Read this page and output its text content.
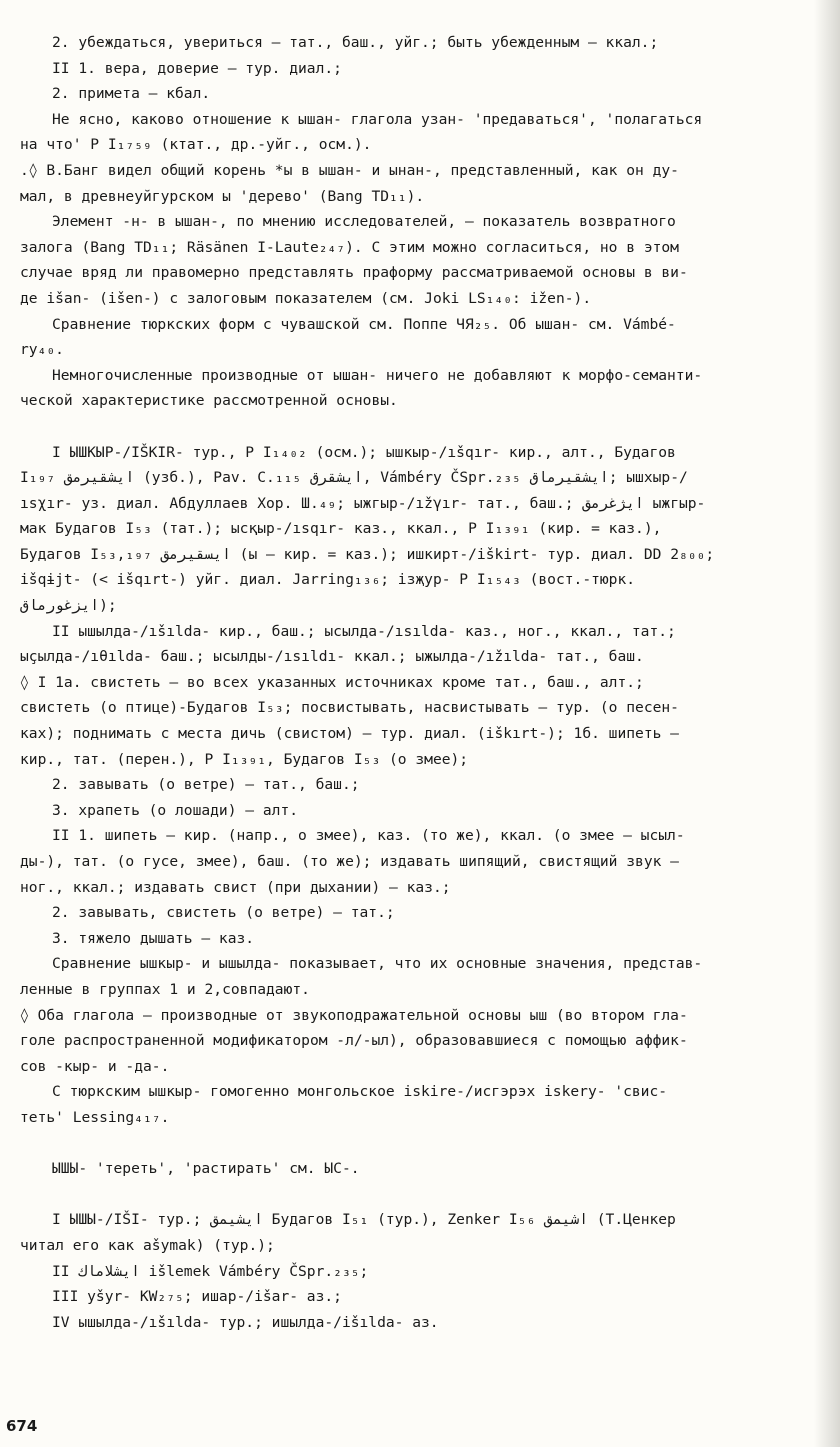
2. убеждаться, увериться – тат., баш., уйг.; быть убежденным – ккал.;
II 1. вера, доверие – тур. диал.;
2. примета – кбал.
Не ясно, каково отношение к ышан- глагола узан- 'предаваться', 'полагаться
на что' Р I₁₇₅₉ (ктат., др.-уйг., осм.).
.◊ В.Банг видел общий корень *ы в ышан- и ынан-, представленный, как он ду-
мал, в древнеуйгурском ы 'дерево' (Bang TD₁₁).
Элемент -н- в ышан-, по мнению исследователей, – показатель возвратного
залога (Bang TD₁₁; Räsänen I-Laute₂₄₇). С этим можно согласиться, но в этом
случае вряд ли правомерно представлять праформу рассматриваемой основы в ви-
де išan- (išen-) с залоговым показателем (см. Joki LS₁₄₀: ižen-).
Сравнение тюркских форм с чувашской см. Поппе ЧЯ₂₅. Об ышан- см. Vámbé-
ry₄₀.
Немногочисленные производные от ышан- ничего не добавляют к морфо-семанти-
ческой характеристике рассмотренной основы.
I ЫШКЫР-/IŠKIR- тур., Р I₁₄₀₂ (осм.); ышкыр-/ıšqır- кир., алт., Будагов
I₁₉₇ ایشقیرمق (узб.), Pav. C.₁₁₅ ایشقرق, Vámbéry ČSpr.₂₃₅ ایشقیرماق; ышхыр-/
ısχır- уз. диал. Абдуллаев Хор. Ш.₄₉; ыжгыр-/ıžγır- тат., баш.; ایژغرمق ыжгыр-
мак Будагов I₅₃ (тат.); ысқыр-/ısqır- каз., ккал., Р I₁₃₉₁ (кир. = каз.),
Будагов I₅₃,₁₉₇ ایسقیرمق (ы – кир. = каз.); ишкирт-/iškirt- тур. диал. DD 2₈₀₀;
išqɨjt- (< išqırt-) уйг. диал. Jarring₁₃₆; iзҗур- Р I₁₅₄₃ (вост.-тюрк.
ایزغورماق);
II ышылда-/ıšılda- кир., баш.; ысылда-/ısılda- каз., ног., ккал., тат.;
ыҫылда-/ıθılda- баш.; ысылды-/ısıldı- ккал.; ыжылда-/ıžılda- тат., баш.
◊ I 1а. свистеть – во всех указанных источниках кроме тат., баш., алт.;
свистеть (о птице)-Будагов I₅₃; посвистывать, насвистывать – тур. (о песен-
ках); поднимать с места дичь (свистом) – тур. диал. (iškırt-); 1б. шипеть –
кир., тат. (перен.), Р I₁₃₉₁, Будагов I₅₃ (о змее);
2. завывать (о ветре) – тат., баш.;
3. храпеть (о лошади) – алт.
II 1. шипеть – кир. (напр., о змее), каз. (то же), ккал. (о змее – ысыл-
ды-), тат. (о гусе, змее), баш. (то же); издавать шипящий, свистящий звук –
ног., ккал.; издавать свист (при дыхании) – каз.;
2. завывать, свистеть (о ветре) – тат.;
3. тяжело дышать – каз.
Сравнение ышкыр- и ышылда- показывает, что их основные значения, представ-
ленные в группах 1 и 2,совпадают.
◊ Оба глагола – производные от звукоподражательной основы ыш (во втором гла-
голе распространенной модификатором -л/-ыл), образовавшиеся с помощью аффик-
сов -кыр- и -да-.
С тюркским ышкыр- гомогенно монгольское iskire-/исгэрэх iskery- 'свис-
теть' Lessing₄₁₇.
ЫШЫ- 'тереть', 'растирать' см. ЫС-.
I ЫШЫ-/IŠI- тур.; ایشیمق Будагов I₅₁ (тур.), Zenker I₅₆ اشیمق (Т.Ценкер
читал его как ašymak) (тур.);
II ایشلاماك išlemek Vámbéry ČSpr.₂₃₅;
III yšyr- KW₂₇₅; ишар-/išar- аз.;
IV ышылда-/ıšılda- тур.; ишылда-/išılda- аз.
674
